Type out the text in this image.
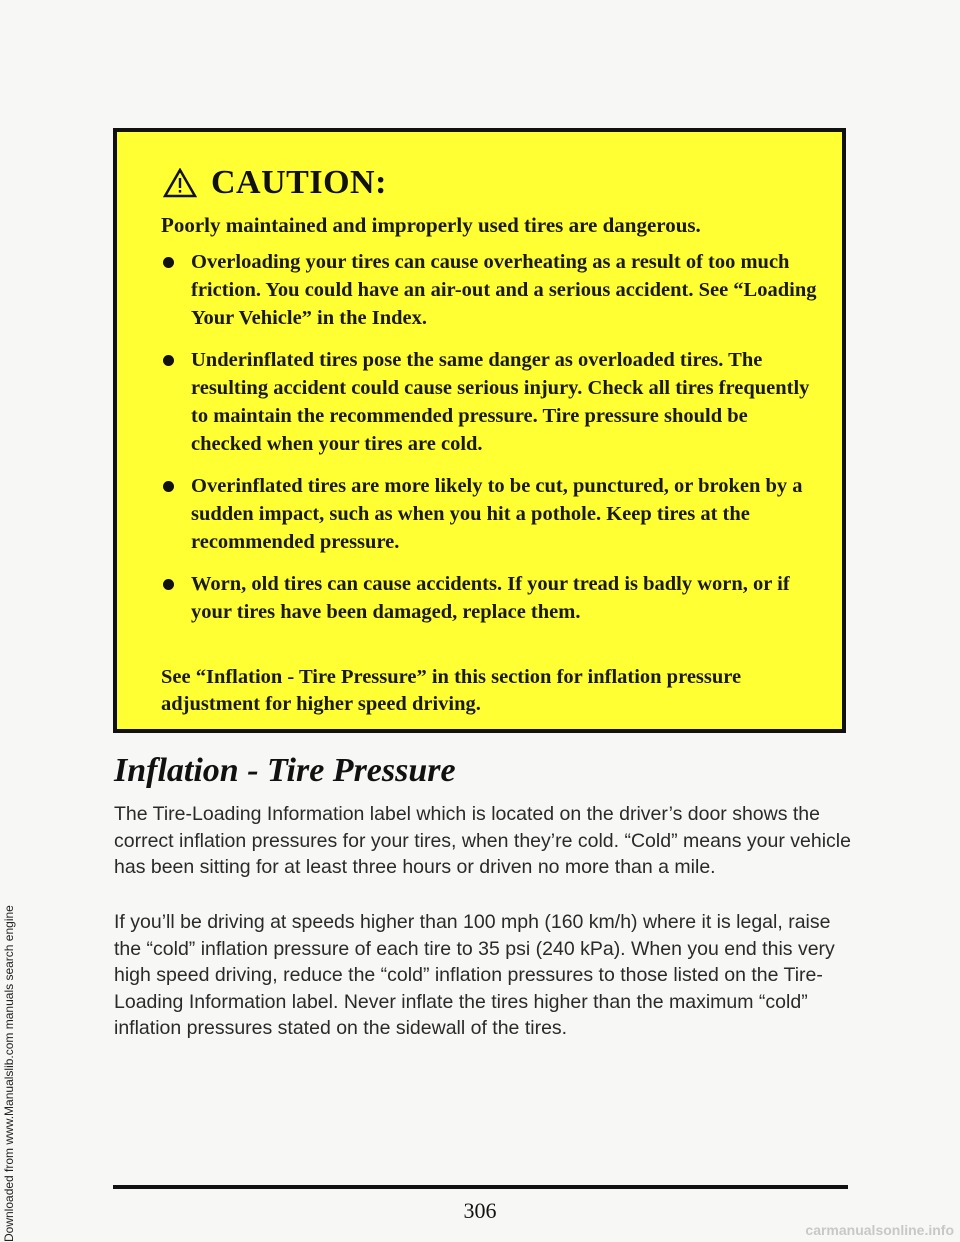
Downloaded from www.Manualslib.com manuals search engine
CAUTION:
Poorly maintained and improperly used tires are dangerous.
Overloading your tires can cause overheating as a result of too much friction. You could have an air-out and a serious accident. See “Loading Your Vehicle” in the Index.
Underinflated tires pose the same danger as overloaded tires. The resulting accident could cause serious injury. Check all tires frequently to maintain the recommended pressure. Tire pressure should be checked when your tires are cold.
Overinflated tires are more likely to be cut, punctured, or broken by a sudden impact, such as when you hit a pothole. Keep tires at the recommended pressure.
Worn, old tires can cause accidents. If your tread is badly worn, or if your tires have been damaged, replace them.
See “Inflation - Tire Pressure” in this section for inflation pressure adjustment for higher speed driving.
Inflation - Tire Pressure
The Tire-Loading Information label which is located on the driver’s door shows the correct inflation pressures for your tires, when they’re cold. “Cold” means your vehicle has been sitting for at least three hours or driven no more than a mile.
If you’ll be driving at speeds higher than 100 mph (160 km/h) where it is legal, raise the “cold” inflation pressure of each tire to 35 psi (240 kPa). When you end this very high speed driving, reduce the “cold” inflation pressures to those listed on the Tire-Loading Information label. Never inflate the tires higher than the maximum “cold” inflation pressures stated on the sidewall of the tires.
306
carmanualsonline.info
